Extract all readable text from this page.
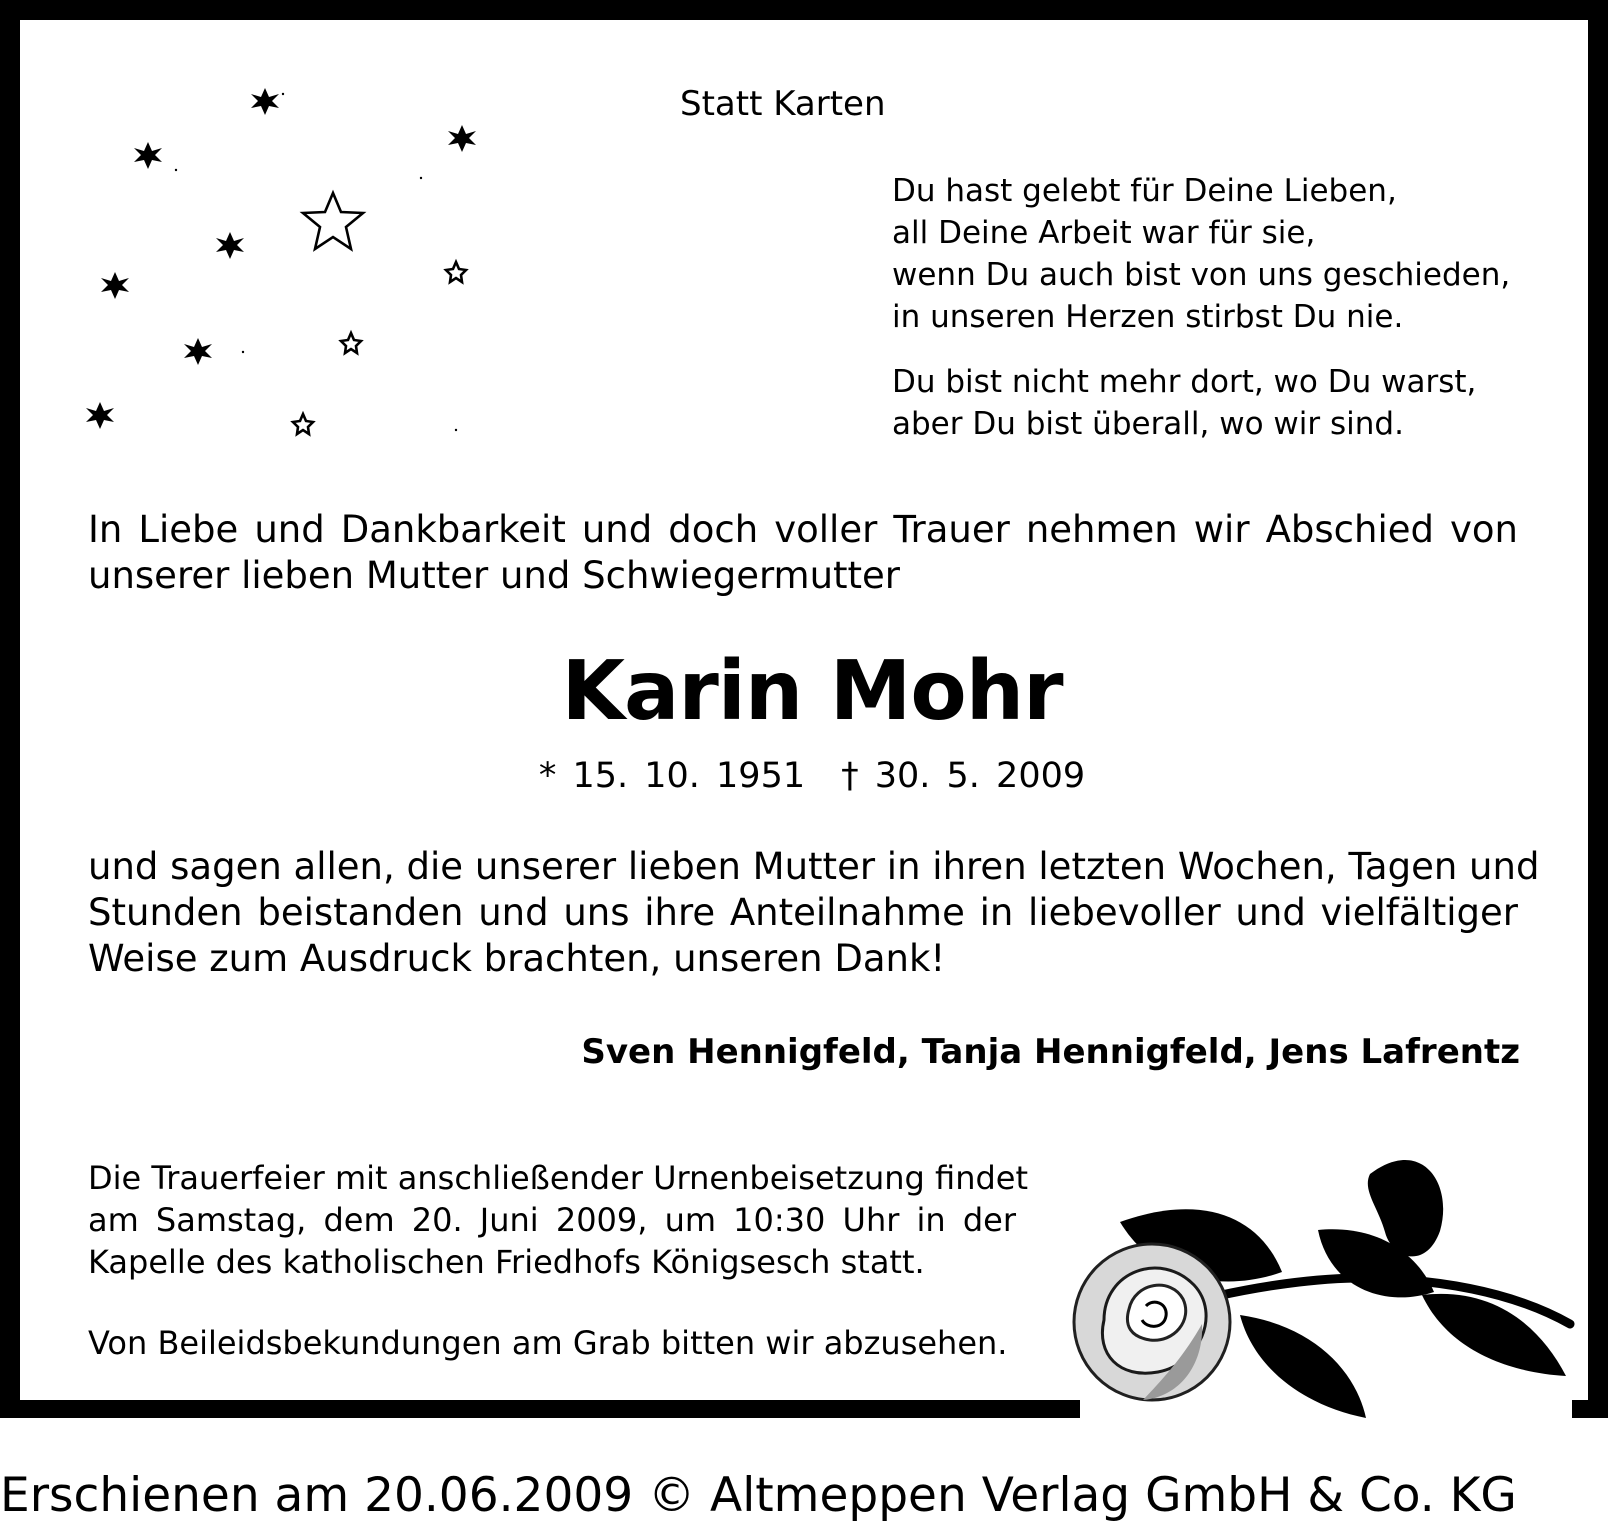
Statt Karten
Du hast gelebt für Deine Lieben,
all Deine Arbeit war für sie,
wenn Du auch bist von uns geschieden,
in unseren Herzen stirbst Du nie.
Du bist nicht mehr dort, wo Du warst,
aber Du bist überall, wo wir sind.
In Liebe und Dankbarkeit und doch voller Trauer nehmen wir Abschied von
unserer lieben Mutter und Schwiegermutter
Karin Mohr
* 15. 10. 1951 † 30. 5. 2009
und sagen allen, die unserer lieben Mutter in ihren letzten Wochen, Tagen und
Stunden beistanden und uns ihre Anteilnahme in liebevoller und vielfältiger
Weise zum Ausdruck brachten, unseren Dank!
Sven Hennigfeld, Tanja Hennigfeld, Jens Lafrentz
Die Trauerfeier mit anschließender Urnenbeisetzung findet
am Samstag, dem 20. Juni 2009, um 10:30 Uhr in der
Kapelle des katholischen Friedhofs Königsesch statt.
Von Beileidsbekundungen am Grab bitten wir abzusehen.
Erschienen am 20.06.2009 © Altmeppen Verlag GmbH & Co. KG
